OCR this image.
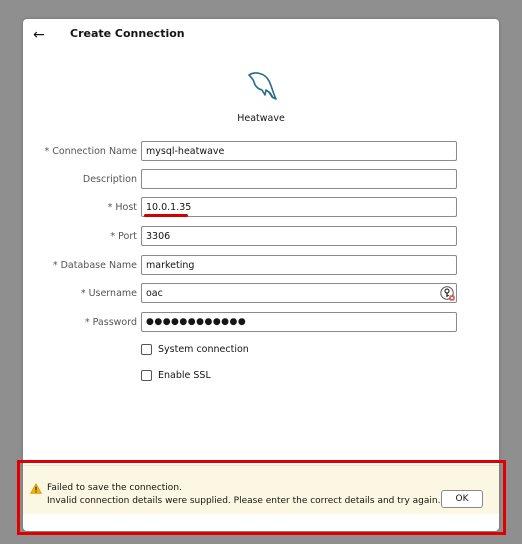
← Create Connection
Heatwave
* Connection Name
mysql-heatwave
Description
* Host
10.0.1.35
* Port
3306
* Database Name
marketing
* Username
oac
* Password
●●●●●●●●●●●●
System connection
Enable SSL
Failed to save the connection.
Invalid connection details were supplied. Please enter the correct details and try again.	OK
